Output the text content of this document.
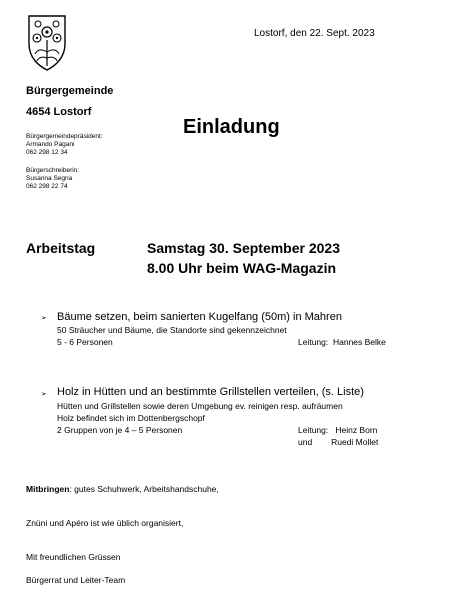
Lostorf, den 22. Sept. 2023
Bürgergemeinde
4654 Lostorf
Bürgergemeindepräsident:
Armando Pagani
062 298 12 34
Bürgerschreiberin:
Susanna Segna
062 298 22 74
Einladung
Arbeitstag	Samstag 30. September 2023
8.00 Uhr beim WAG-Magazin
➢ Bäume setzen, beim sanierten Kugelfang (50m) in Mahren
50 Sträucher und Bäume, die Standorte sind gekennzeichnet
5 - 6 Personen	Leitung:  Hannes Belke
➢ Holz in Hütten und an bestimmte Grillstellen verteilen, (s. Liste)
Hütten und Grillstellen sowie deren Umgebung ev. reinigen resp. aufräumen
Holz befindet sich im Dottenbergschopf
2 Gruppen von je 4 – 5 Personen	Leitung:   Heinz Born
und        Ruedi Mollet
Mitbringen: gutes Schuhwerk, Arbeitshandschuhe,
Znüni und Apéro ist wie üblich organisiert,
Mit freundlichen Grüssen
Bürgerrat und Leiter-Team
